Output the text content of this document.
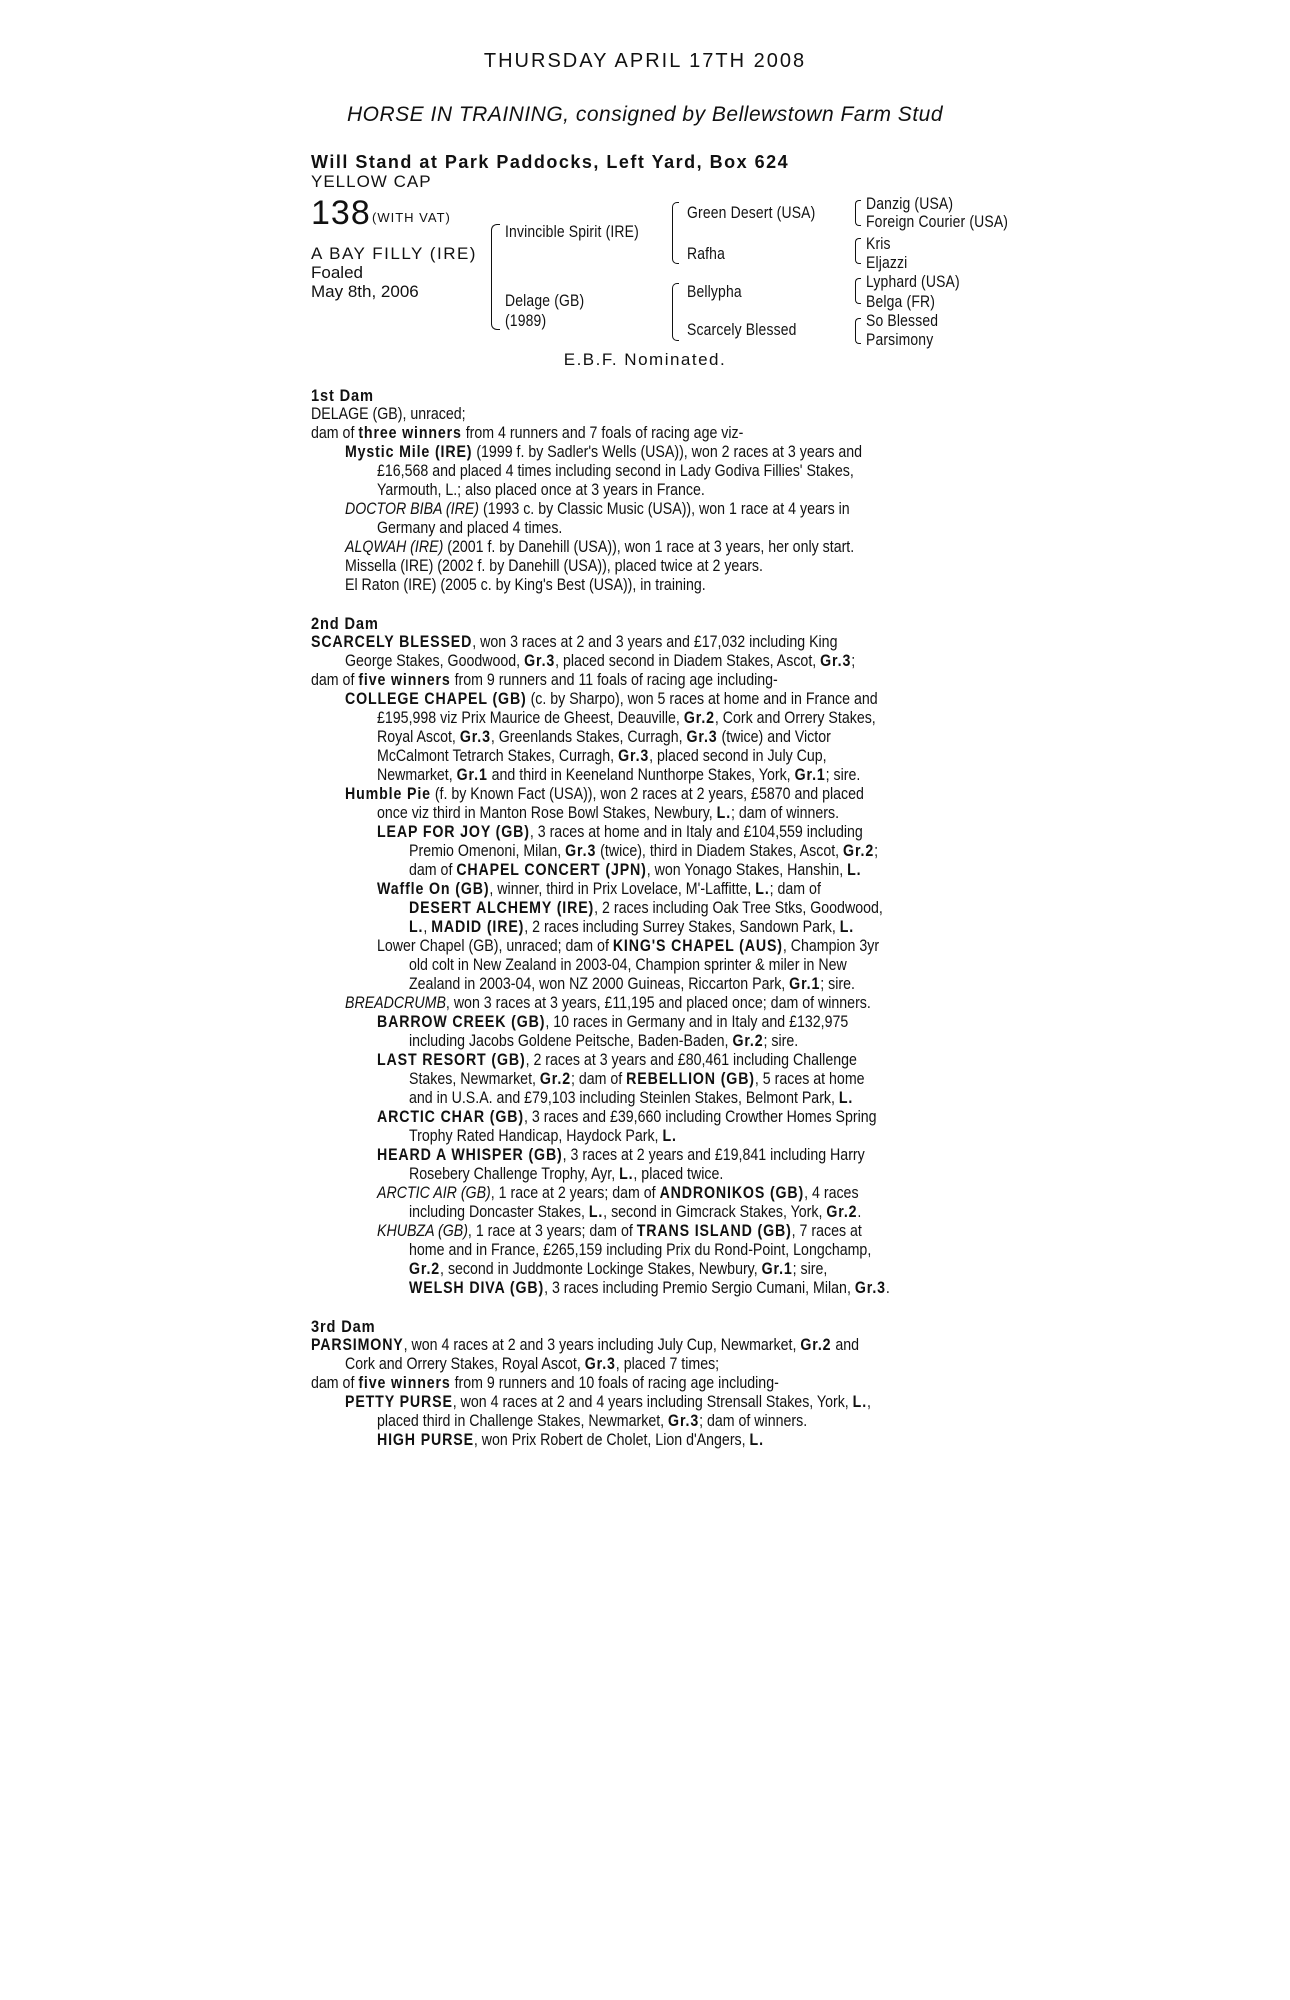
THURSDAY APRIL 17TH 2008
HORSE IN TRAINING, consigned by Bellewstown Farm Stud
Will Stand at Park Paddocks, Left Yard, Box 624
YELLOW CAP
138 (WITH VAT)
A BAY FILLY (IRE)
Foaled
May 8th, 2006
Invincible Spirit (IRE)
Delage (GB)
(1989)
Green Desert (USA)
Rafha
Bellypha
Scarcely Blessed
Danzig (USA)
Foreign Courier (USA)
Kris
Eljazzi
Lyphard (USA)
Belga (FR)
So Blessed
Parsimony
E.B.F. Nominated.
1st Dam
DELAGE (GB), unraced;
dam of three winners from 4 runners and 7 foals of racing age viz-
Mystic Mile (IRE) (1999 f. by Sadler's Wells (USA)), won 2 races at 3 years and
£16,568 and placed 4 times including second in Lady Godiva Fillies' Stakes,
Yarmouth, L.; also placed once at 3 years in France.
DOCTOR BIBA (IRE) (1993 c. by Classic Music (USA)), won 1 race at 4 years in
Germany and placed 4 times.
ALQWAH (IRE) (2001 f. by Danehill (USA)), won 1 race at 3 years, her only start.
Missella (IRE) (2002 f. by Danehill (USA)), placed twice at 2 years.
El Raton (IRE) (2005 c. by King's Best (USA)), in training.
2nd Dam
SCARCELY BLESSED, won 3 races at 2 and 3 years and £17,032 including King
George Stakes, Goodwood, Gr.3, placed second in Diadem Stakes, Ascot, Gr.3;
dam of five winners from 9 runners and 11 foals of racing age including-
COLLEGE CHAPEL (GB) (c. by Sharpo), won 5 races at home and in France and
£195,998 viz Prix Maurice de Gheest, Deauville, Gr.2, Cork and Orrery Stakes,
Royal Ascot, Gr.3, Greenlands Stakes, Curragh, Gr.3 (twice) and Victor
McCalmont Tetrarch Stakes, Curragh, Gr.3, placed second in July Cup,
Newmarket, Gr.1 and third in Keeneland Nunthorpe Stakes, York, Gr.1; sire.
Humble Pie (f. by Known Fact (USA)), won 2 races at 2 years, £5870 and placed
once viz third in Manton Rose Bowl Stakes, Newbury, L.; dam of winners.
LEAP FOR JOY (GB), 3 races at home and in Italy and £104,559 including
Premio Omenoni, Milan, Gr.3 (twice), third in Diadem Stakes, Ascot, Gr.2;
dam of CHAPEL CONCERT (JPN), won Yonago Stakes, Hanshin, L.
Waffle On (GB), winner, third in Prix Lovelace, M'-Laffitte, L.; dam of
DESERT ALCHEMY (IRE), 2 races including Oak Tree Stks, Goodwood,
L., MADID (IRE), 2 races including Surrey Stakes, Sandown Park, L.
Lower Chapel (GB), unraced; dam of KING'S CHAPEL (AUS), Champion 3yr
old colt in New Zealand in 2003-04, Champion sprinter & miler in New
Zealand in 2003-04, won NZ 2000 Guineas, Riccarton Park, Gr.1; sire.
BREADCRUMB, won 3 races at 3 years, £11,195 and placed once; dam of winners.
BARROW CREEK (GB), 10 races in Germany and in Italy and £132,975
including Jacobs Goldene Peitsche, Baden-Baden, Gr.2; sire.
LAST RESORT (GB), 2 races at 3 years and £80,461 including Challenge
Stakes, Newmarket, Gr.2; dam of REBELLION (GB), 5 races at home
and in U.S.A. and £79,103 including Steinlen Stakes, Belmont Park, L.
ARCTIC CHAR (GB), 3 races and £39,660 including Crowther Homes Spring
Trophy Rated Handicap, Haydock Park, L.
HEARD A WHISPER (GB), 3 races at 2 years and £19,841 including Harry
Rosebery Challenge Trophy, Ayr, L., placed twice.
ARCTIC AIR (GB), 1 race at 2 years; dam of ANDRONIKOS (GB), 4 races
including Doncaster Stakes, L., second in Gimcrack Stakes, York, Gr.2.
KHUBZA (GB), 1 race at 3 years; dam of TRANS ISLAND (GB), 7 races at
home and in France, £265,159 including Prix du Rond-Point, Longchamp,
Gr.2, second in Juddmonte Lockinge Stakes, Newbury, Gr.1; sire,
WELSH DIVA (GB), 3 races including Premio Sergio Cumani, Milan, Gr.3.
3rd Dam
PARSIMONY, won 4 races at 2 and 3 years including July Cup, Newmarket, Gr.2 and
Cork and Orrery Stakes, Royal Ascot, Gr.3, placed 7 times;
dam of five winners from 9 runners and 10 foals of racing age including-
PETTY PURSE, won 4 races at 2 and 4 years including Strensall Stakes, York, L.,
placed third in Challenge Stakes, Newmarket, Gr.3; dam of winners.
HIGH PURSE, won Prix Robert de Cholet, Lion d'Angers, L.
